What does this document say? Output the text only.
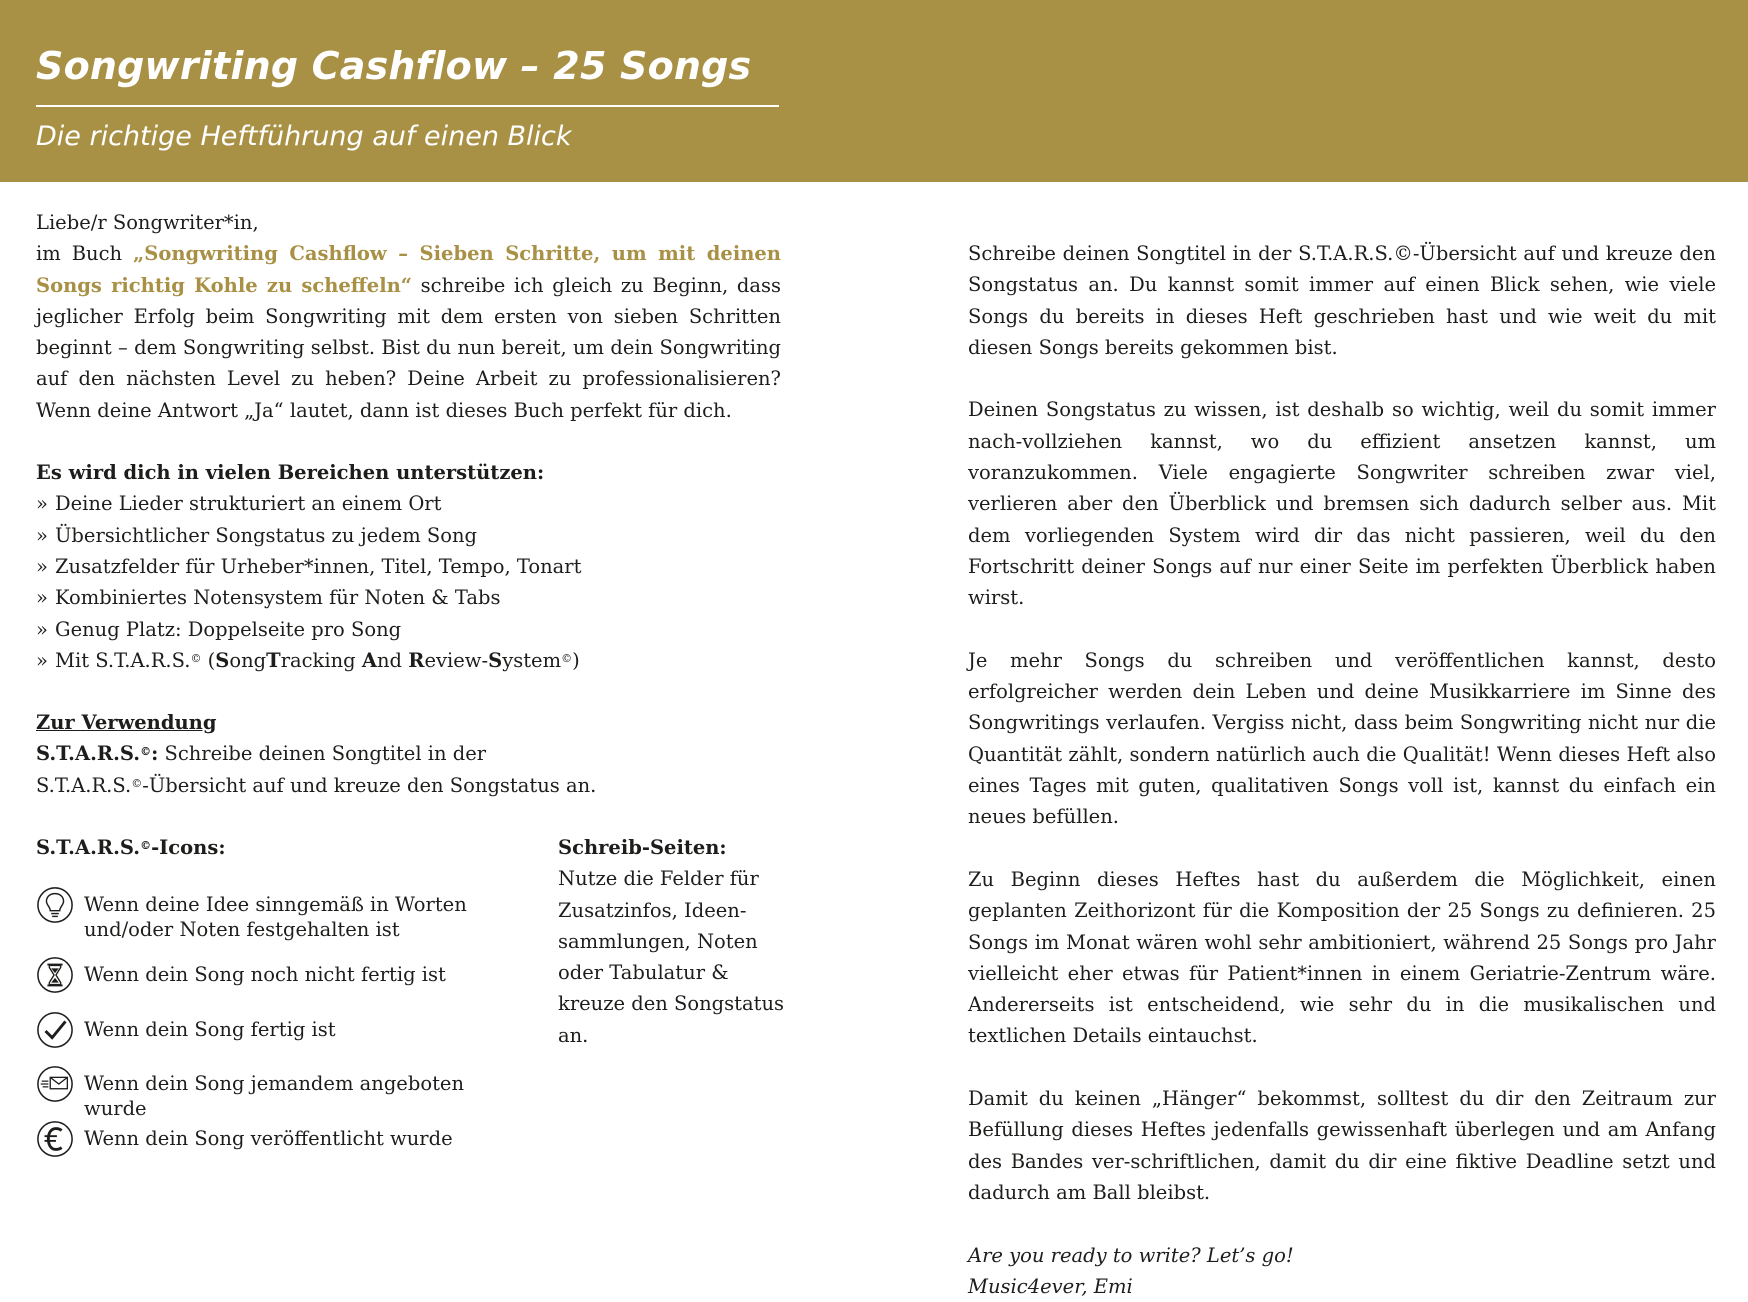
Songwriting Cashflow – 25 Songs
Die richtige Heftführung auf einen Blick

Liebe/r Songwriter*in,

im Buch „Songwriting Cashflow – Sieben Schritte, um mit deinen Songs richtig Kohle zu scheffeln“ schreibe ich gleich zu Beginn, dass jeglicher Erfolg beim Songwriting mit dem ersten von sieben Schritten beginnt – dem Songwriting selbst. Bist du nun bereit, um dein Songwriting auf den nächsten Level zu heben? Deine Arbeit zu professionalisieren? Wenn deine Antwort „Ja“ lautet, dann ist dieses Buch perfekt für dich.

Es wird dich in vielen Bereichen unterstützen:

» Deine Lieder strukturiert an einem Ort
» Übersichtlicher Songstatus zu jedem Song
» Zusatzfelder für Urheber*innen, Titel, Tempo, Tonart
» Kombiniertes Notensystem für Noten & Tabs
» Genug Platz: Doppelseite pro Song
» Mit S.T.A.R.S.© (SongTracking And Review-System©)

Zur Verwendung

S.T.A.R.S.©: Schreibe deinen Songtitel in der

S.T.A.R.S.©-Übersicht auf und kreuze den Songstatus an.

S.T.A.R.S.©-Icons:

Wenn deine Idee sinngemäß in Worten und/oder Noten festgehalten ist
Wenn dein Song noch nicht fertig ist
Wenn dein Song fertig ist
Wenn dein Song jemandem angeboten wurde
Wenn dein Song veröffentlicht wurde

Schreib-Seiten:

Nutze die Felder für Zusatzinfos, Ideen-sammlungen, Noten oder Tabulatur & kreuze den Songstatus an.

Schreibe deinen Songtitel in der S.T.A.R.S.©-Übersicht auf und kreuze den Songstatus an. Du kannst somit immer auf einen Blick sehen, wie viele Songs du bereits in dieses Heft geschrieben hast und wie weit du mit diesen Songs bereits gekommen bist.

Deinen Songstatus zu wissen, ist deshalb so wichtig, weil du somit immer nach-vollziehen kannst, wo du effizient ansetzen kannst, um voranzukommen. Viele engagierte Songwriter schreiben zwar viel, verlieren aber den Überblick und bremsen sich dadurch selber aus. Mit dem vorliegenden System wird dir das nicht passieren, weil du den Fortschritt deiner Songs auf nur einer Seite im perfekten Überblick haben wirst.

Je mehr Songs du schreiben und veröffentlichen kannst, desto erfolgreicher werden dein Leben und deine Musikkarriere im Sinne des Songwritings verlaufen. Vergiss nicht, dass beim Songwriting nicht nur die Quantität zählt, sondern natürlich auch die Qualität! Wenn dieses Heft also eines Tages mit guten, qualitativen Songs voll ist, kannst du einfach ein neues befüllen.

Zu Beginn dieses Heftes hast du außerdem die Möglichkeit, einen geplanten Zeithorizont für die Komposition der 25 Songs zu definieren. 25 Songs im Monat wären wohl sehr ambitioniert, während 25 Songs pro Jahr vielleicht eher etwas für Patient*innen in einem Geriatrie-Zentrum wäre. Andererseits ist entscheidend, wie sehr du in die musikalischen und textlichen Details eintauchst.

Damit du keinen „Hänger“ bekommst, solltest du dir den Zeitraum zur Befüllung dieses Heftes jedenfalls gewissenhaft überlegen und am Anfang des Bandes ver-schriftlichen, damit du dir eine fiktive Deadline setzt und dadurch am Ball bleibst.

Are you ready to write? Let’s go!

Music4ever, Emi
